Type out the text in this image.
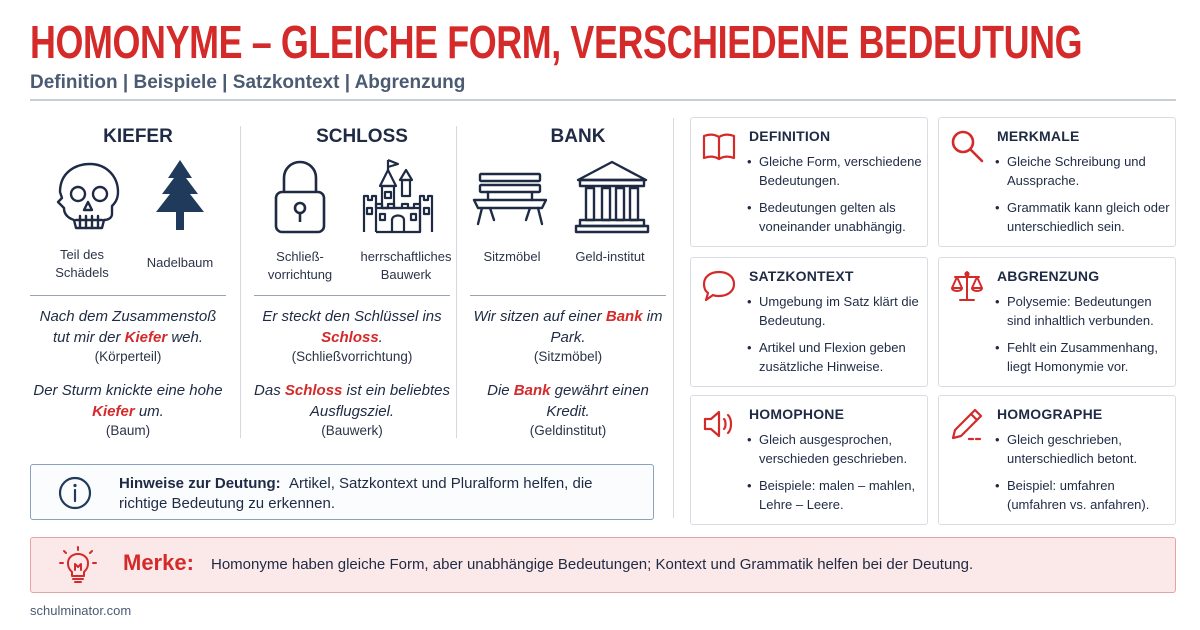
HOMONYME – GLEICHE FORM, VERSCHIEDENE BEDEUTUNG
Definition | Beispiele | Satzkontext | Abgrenzung
KIEFER
Teil des Schädels
Nadelbaum
Nach dem Zusammenstoß tut mir der Kiefer weh.
(Körperteil)
Der Sturm knickte eine hohe Kiefer um.
(Baum)
SCHLOSS
Schließ-vorrichtung
herrschaftliches Bauwerk
Er steckt den Schlüssel ins Schloss.
(Schließvorrichtung)
Das Schloss ist ein beliebtes Ausflugsziel.
(Bauwerk)
BANK
Sitzmöbel	Geld-institut
Wir sitzen auf einer Bank im Park.
(Sitzmöbel)
Die Bank gewährt einen Kredit.
(Geldinstitut)
Hinweise zur Deutung: Artikel, Satzkontext und Pluralform helfen, die richtige Bedeutung zu erkennen.
DEFINITION
• Gleiche Form, verschiedene Bedeutungen.
• Bedeutungen gelten als voneinander unabhängig.
MERKMALE
• Gleiche Schreibung und Aussprache.
• Grammatik kann gleich oder unterschiedlich sein.
SATZKONTEXT
• Umgebung im Satz klärt die Bedeutung.
• Artikel und Flexion geben zusätzliche Hinweise.
ABGRENZUNG
• Polysemie: Bedeutungen sind inhaltlich verbunden.
• Fehlt ein Zusammenhang, liegt Homonymie vor.
HOMOPHONE
• Gleich ausgesprochen, verschieden geschrieben.
• Beispiele: malen – mahlen, Lehre – Leere.
HOMOGRAPHE
• Gleich geschrieben, unterschiedlich betont.
• Beispiel: umfahren (umfahren vs. anfahren).
Merke: Homonyme haben gleiche Form, aber unabhängige Bedeutungen; Kontext und Grammatik helfen bei der Deutung.
schulminator.com
